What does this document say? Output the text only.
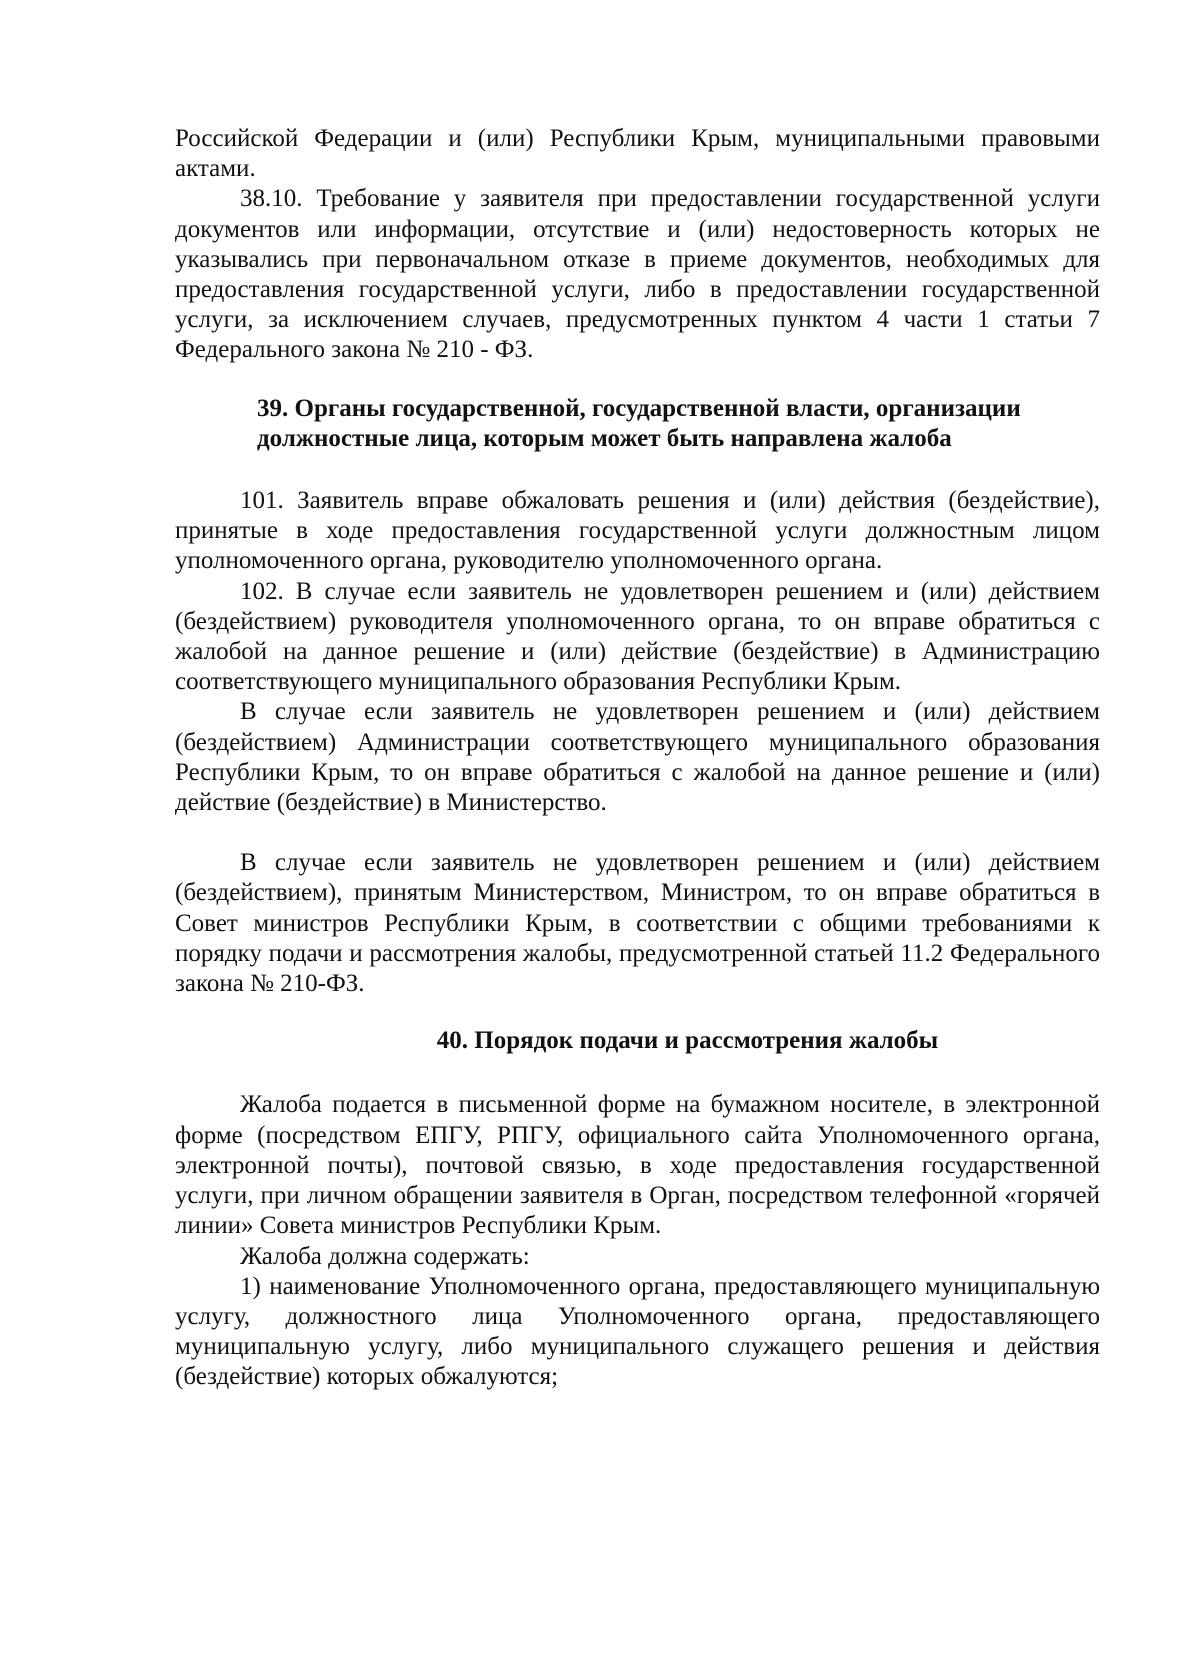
Российской Федерации и (или) Республики Крым, муниципальными правовыми актами.

38.10. Требование у заявителя при предоставлении государственной услуги документов или информации, отсутствие и (или) недостоверность которых не указывались при первоначальном отказе в приеме документов, необходимых для предоставления государственной услуги, либо в предоставлении государственной услуги, за исключением случаев, предусмотренных пунктом 4 части 1 статьи 7 Федерального закона № 210 - ФЗ.

39. Органы государственной, государственной власти, организации должностные лица, которым может быть направлена жалоба

101. Заявитель вправе обжаловать решения и (или) действия (бездействие), принятые в ходе предоставления государственной услуги должностным лицом уполномоченного органа, руководителю уполномоченного органа.

102. В случае если заявитель не удовлетворен решением и (или) действием (бездействием) руководителя уполномоченного органа, то он вправе обратиться с жалобой на данное решение и (или) действие (бездействие) в Администрацию соответствующего муниципального образования Республики Крым.

В случае если заявитель не удовлетворен решением и (или) действием (бездействием) Администрации соответствующего муниципального образования Республики Крым, то он вправе обратиться с жалобой на данное решение и (или) действие (бездействие) в Министерство.

В случае если заявитель не удовлетворен решением и (или) действием (бездействием), принятым Министерством, Министром, то он вправе обратиться в Совет министров Республики Крым, в соответствии с общими требованиями к порядку подачи и рассмотрения жалобы, предусмотренной статьей 11.2 Федерального закона № 210-ФЗ.

40. Порядок подачи и рассмотрения жалобы

Жалоба подается в письменной форме на бумажном носителе, в электронной форме (посредством ЕПГУ, РПГУ, официального сайта Уполномоченного органа, электронной почты), почтовой связью, в ходе предоставления государственной услуги, при личном обращении заявителя в Орган, посредством телефонной «горячей линии» Совета министров Республики Крым.

Жалоба должна содержать:

1) наименование Уполномоченного органа, предоставляющего муниципальную услугу, должностного лица Уполномоченного органа, предоставляющего муниципальную услугу, либо муниципального служащего решения и действия (бездействие) которых обжалуются;
